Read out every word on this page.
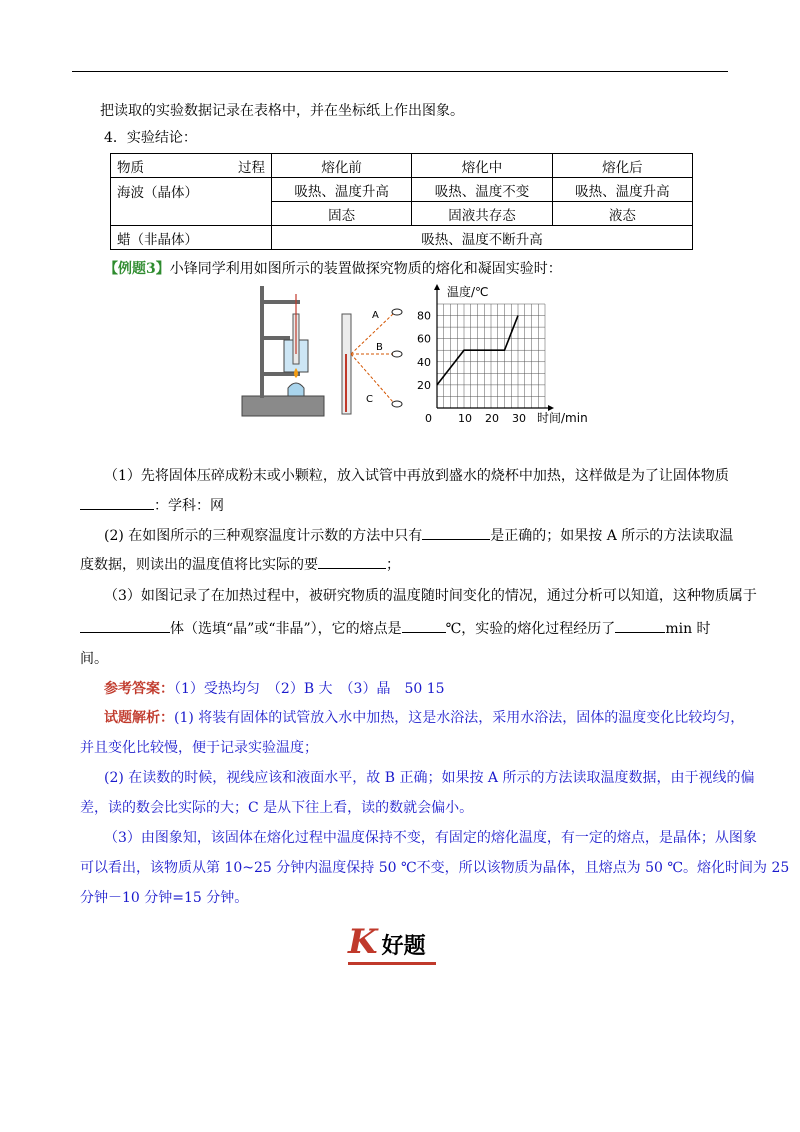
把读取的实验数据记录在表格中，并在坐标纸上作出图象。
4．实验结论：
物质 过程	熔化前	熔化中	熔化后
海波（晶体）	吸热、温度升高	吸热、温度不变	吸热、温度升高
	固态	固液共存态	液态
蜡（非晶体）	吸热、温度不断升高		
【例题3】小锋同学利用如图所示的装置做探究物质的熔化和凝固实验时：
A
B
C
温度/℃
时间/min
0 10 20 30
20
40
60
80
（1）先将固体压碎成粉末或小颗粒，放入试管中再放到盛水的烧杯中加热，这样做是为了让固体物质
：学科：网
(2) 在如图所示的三种观察温度计示数的方法中只有	是正确的；如果按 A 所示的方法读取温
度数据，则读出的温度值将比实际的要	；
（3）如图记录了在加热过程中，被研究物质的温度随时间变化的情况，通过分析可以知道，这种物质属于
体（选填“晶”或“非晶”），它的熔点是	℃，实验的熔化过程经历了	min 时
间。
参考答案：（1）受热均匀　（2）B 大　（3）晶　50 15
试题解析：(1) 将装有固体的试管放入水中加热，这是水浴法，采用水浴法，固体的温度变化比较均匀，
并且变化比较慢，便于记录实验温度；
(2) 在读数的时候，视线应该和液面水平，故 B 正确；如果按 A 所示的方法读取温度数据，由于视线的偏
差，读的数会比实际的大；C 是从下往上看，读的数就会偏小。
（3）由图象知，该固体在熔化过程中温度保持不变，有固定的熔化温度，有一定的熔点，是晶体；从图象
可以看出，该物质从第 10~25 分钟内温度保持 50 ℃不变，所以该物质为晶体，且熔点为 50 ℃。熔化时间为 25
分钟－10 分钟=15 分钟。
K好题
